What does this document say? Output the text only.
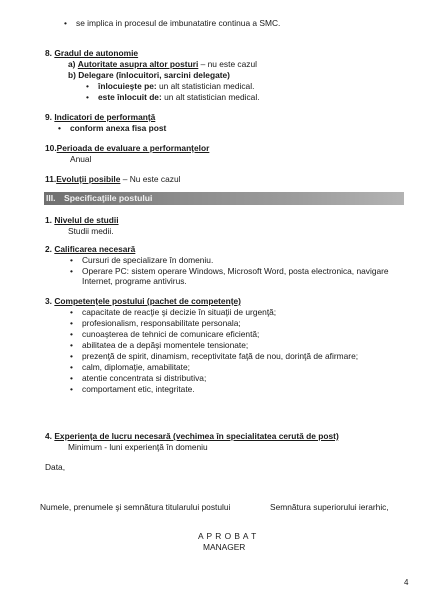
•se implica in procesul de imbunatatire continua a SMC.
8. Gradul de autonomie
a) Autoritate asupra altor posturi – nu este cazul
b) Delegare (înlocuitori, sarcini delegate)
•înlocuieşte pe: un alt statistician medical.
•este înlocuit de: un alt statistician medical.
9. Indicatori de performanţă
•conform anexa fisa post
10.Perioada de evaluare a performanţelor
Anual
11.Evoluţii posibile – Nu este cazul
III. Specificaţiile postului
1. Nivelul de studii
Studii medii.
2. Calificarea necesară
•Cursuri de specializare în domeniu.
•Operare PC: sistem operare Windows, Microsoft Word, posta electronica, navigare
Internet, programe antivirus.
3. Competenţele postului (pachet de competenţe)
•capacitate de reacţie şi decizie în situaţii de urgenţă;
•profesionalism, responsabilitate personala;
•cunoaşterea de tehnici de comunicare eficientă;
•abilitatea de a depăşi momentele tensionate;
•prezenţă de spirit, dinamism, receptivitate faţă de nou, dorinţă de afirmare;
•calm, diplomaţie, amabilitate;
•atentie concentrata si distributiva;
•comportament etic, integritate.
4. Experienţa de lucru necesară (vechimea în specialitatea cerută de post)
Minimum - luni experienţă în domeniu
Data,
Numele, prenumele şi semnătura titularului postului	Semnătura superiorului ierarhic,
A P R O B A T
MANAGER
4
